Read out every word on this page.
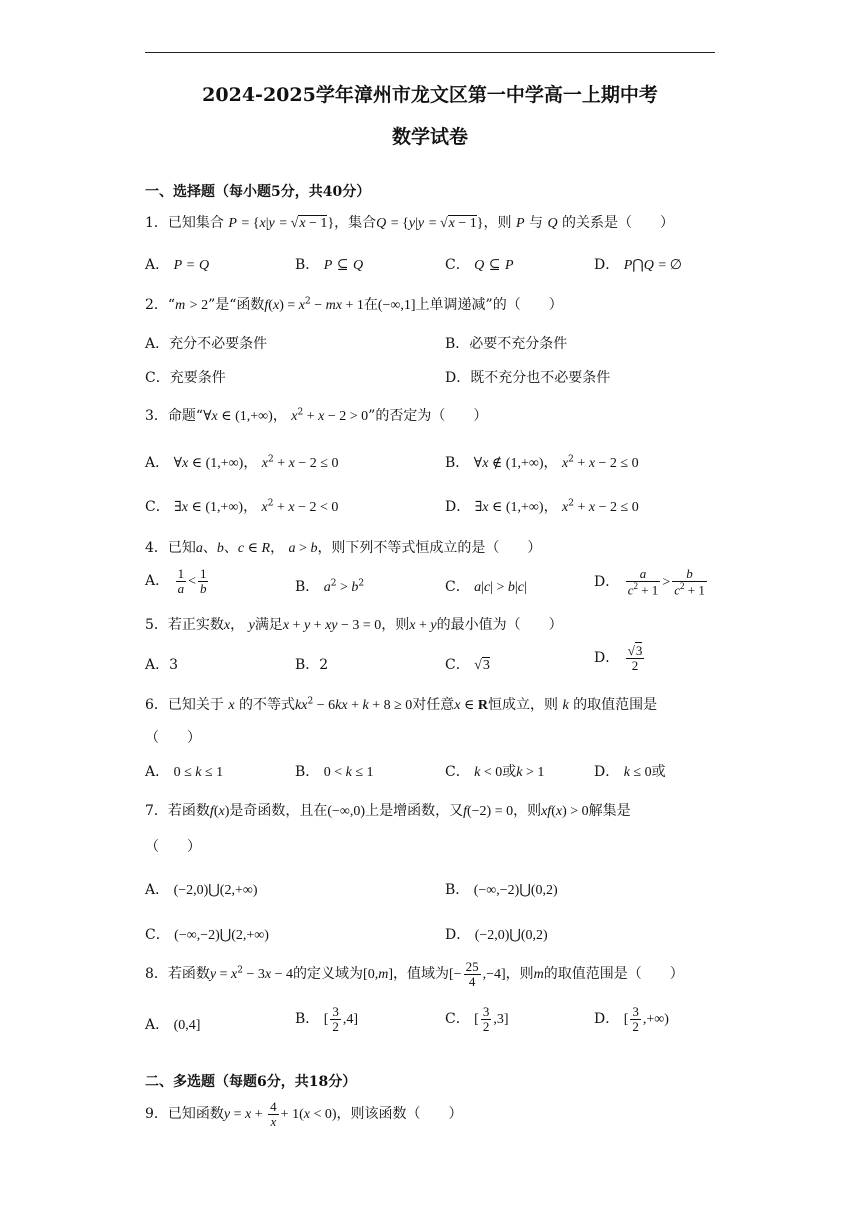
2024-2025学年漳州市龙文区第一中学高一上期中考
数学试卷
一、选择题（每小题5分，共40分）
1．已知集合 P = {x|y = √x − 1}，集合Q = {y|y = √x − 1}，则 P 与 Q 的关系是（　　）
A． P = Q	B． P ⊆ Q	C． Q ⊆ P	D． P⋂Q = ∅
2．“m > 2”是“函数$f(x) = x^2$ − mx + 1在(−∞,1]上单调递减”的（　　）
A．充分不必要条件	B．必要不充分条件
C．充要条件	D．既不充分也不必要条件
3．命题“∀x ∈ (1,+∞)， $x^2 + x - 2 > 0$”的否定为（　　）
A． ∀x ∈ (1,+∞)， $x^2 + x - 2 \le 0$	B． ∀x ∉ (1,+∞)， $x^2 + x - 2 \le 0$
C． ∃x ∈ (1,+∞)， $x^2 + x - 2 < 0$	D． ∃x ∈ (1,+∞)， $x^2 + x - 2 \le 0$
4．已知a、b、c ∈ R， a > b，则下列不等式恒成立的是（　　）
A． $\frac{1}{a} < \frac{1}{b}$	B． $a^2 > b^2$	C． a|c| > b|c|	D． $\frac{a}{c^2 + 1} > \frac{b}{c^2 + 1}$
5．若正实数x， y满足x + y + xy − 3 = 0，则x + y的最小值为（　　）
A．3	B．2	C． √3	D． $\frac{√3}{2}$
6．已知关于 x 的不等式$kx^2 - 6kx + k + 8 \ge 0$对任意x ∈ R恒成立，则 k 的取值范围是
（　　）
A． 0 ≤ k ≤ 1	B． 0 < k ≤ 1	C． k < 0或k > 1	D． k ≤ 0或
7．若函数f(x)是奇函数，且在(−∞,0)上是增函数，又f(−2) = 0，则xf(x) > 0解集是
（　　）
A． (−2,0)⋃(2,+∞)	B． (−∞,−2)⋃(0,2)
C． (−∞,−2)⋃(2,+∞)	D． (−2,0)⋃(0,2)
8．若函数$y = x^2 - 3x - 4$的定义域为[0,m]，值域为[− $\frac{25}{4} ,-4$]，则m的取值范围是（　　）
A． (0,4]	B． [ $\frac{3}{2} ,4$]	C． [ $\frac{3}{2} ,3$]	D． [ $\frac{3}{2}$ ,+∞)
二、多选题（每题6分，共18分）
9．已知函数$y = x + \frac{4}{x} + 1(x < 0)$，则该函数（　　）
